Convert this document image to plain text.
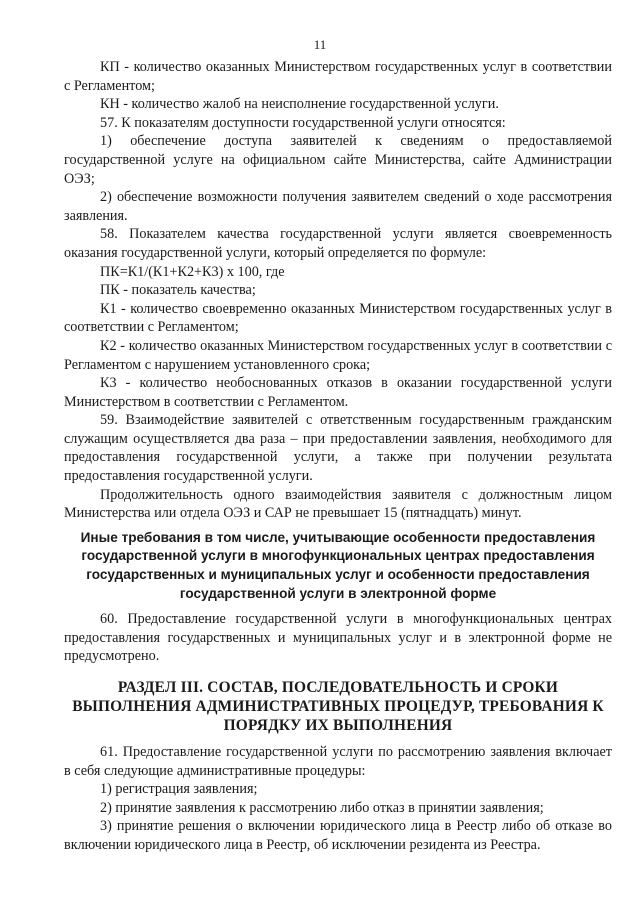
11

КП - количество оказанных Министерством государственных услуг в соответствии с Регламентом;

КН - количество жалоб на неисполнение государственной услуги.

57. К показателям доступности государственной услуги относятся:

1) обеспечение доступа заявителей к сведениям о предоставляемой государственной услуге на официальном сайте Министерства, сайте Администрации ОЭЗ;

2) обеспечение возможности получения заявителем сведений о ходе рассмотрения заявления.

58. Показателем качества государственной услуги является своевременность оказания государственной услуги, который определяется по формуле:

ПК=К1/(К1+К2+К3) х 100, где

ПК - показатель качества;

К1 - количество своевременно оказанных Министерством государственных услуг в соответствии с Регламентом;

К2 - количество оказанных Министерством государственных услуг в соответствии с Регламентом с нарушением установленного срока;

К3 - количество необоснованных отказов в оказании государственной услуги Министерством в соответствии с Регламентом.

59. Взаимодействие заявителей с ответственным государственным гражданским служащим осуществляется два раза – при предоставлении заявления, необходимого для предоставления государственной услуги, а также при получении результата предоставления государственной услуги.

Продолжительность одного взаимодействия заявителя с должностным лицом Министерства или отдела ОЭЗ и САР не превышает 15 (пятнадцать) минут.

Иные требования в том числе, учитывающие особенности предоставления государственной услуги в многофункциональных центрах предоставления государственных и муниципальных услуг и особенности предоставления государственной услуги в электронной форме

60. Предоставление государственной услуги в многофункциональных центрах предоставления государственных и муниципальных услуг и в электронной форме не предусмотрено.

РАЗДЕЛ III. СОСТАВ, ПОСЛЕДОВАТЕЛЬНОСТЬ И СРОКИ ВЫПОЛНЕНИЯ АДМИНИСТРАТИВНЫХ ПРОЦЕДУР, ТРЕБОВАНИЯ К ПОРЯДКУ ИХ ВЫПОЛНЕНИЯ

61. Предоставление государственной услуги по рассмотрению заявления включает в себя следующие административные процедуры:

1) регистрация заявления;

2) принятие заявления к рассмотрению либо отказ в принятии заявления;

3) принятие решения о включении юридического лица в Реестр либо об отказе во включении юридического лица в Реестр, об исключении резидента из Реестра.
